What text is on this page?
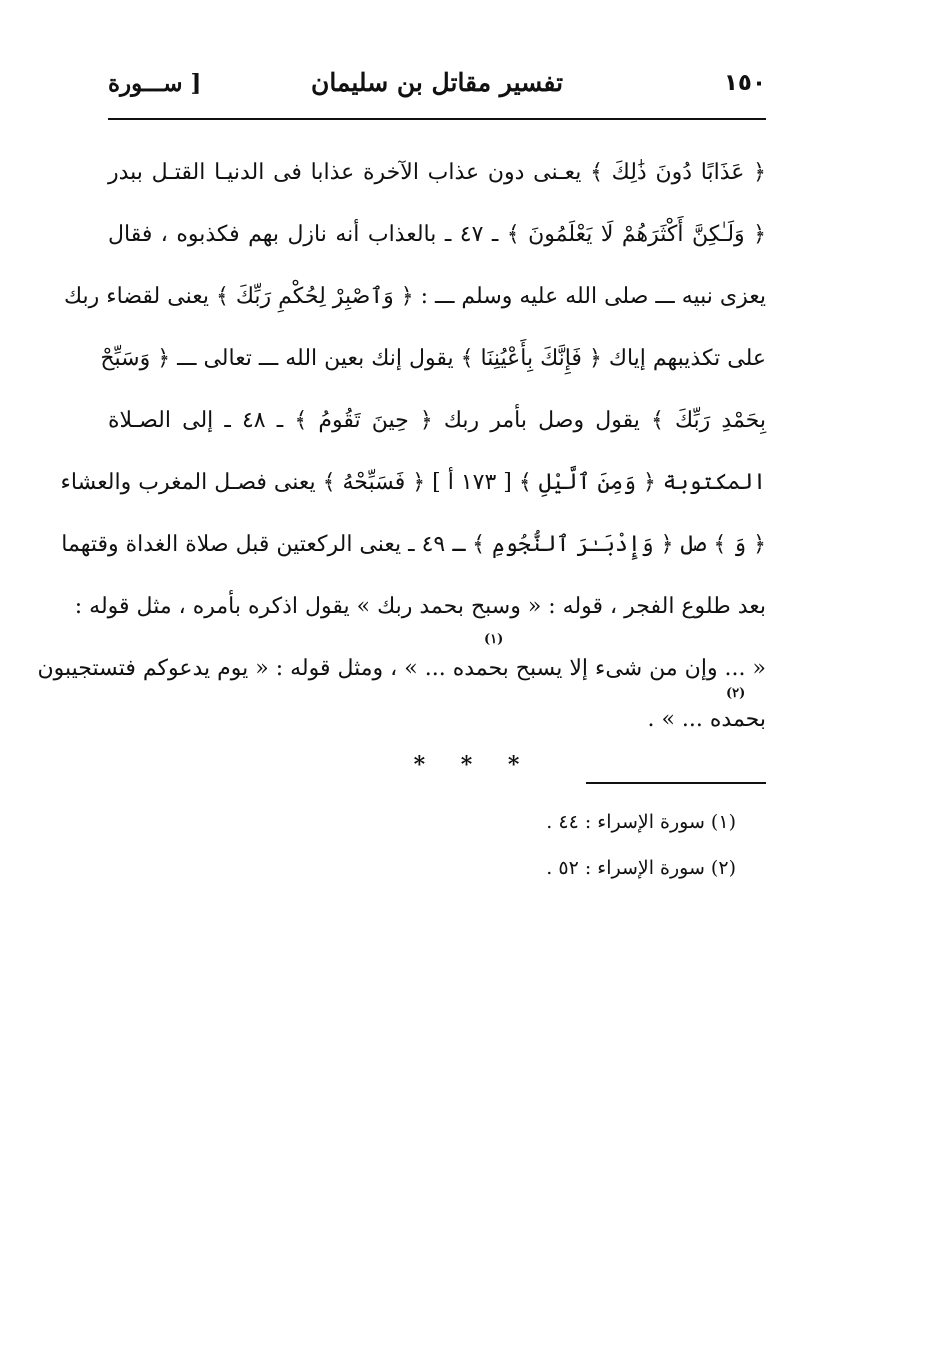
١٥٠
تفسير مقاتل بن سليمان
[ ســـورة
﴿ عَذَابًا دُونَ ذَٰلِكَ ﴾ يعـنى دون عذاب الآخرة عذابا فى الدنيـا القتـل ببدر
﴿ وَلَـٰكِنَّ أَكْثَرَهُمْ لَا يَعْلَمُونَ ﴾ ـ ٤٧ ـ بالعذاب أنه نازل بهم فكذبوه ، فقال
يعزى نبيه ـــ صلى الله عليه وسلم ـــ : ﴿ وَٱصْبِرْ لِحُكْمِ رَبِّكَ ﴾ يعنى لقضاء ربك
على تكذيبهم إياك ﴿ فَإِنَّكَ بِأَعْيُنِنَا ﴾ يقول إنك بعين الله ـــ تعالى ـــ ﴿ وَسَبِّحْ
بِحَمْدِ رَبِّكَ ﴾ يقول وصل بأمر ربك ﴿ حِينَ تَقُومُ ﴾ ـ ٤٨ ـ إلى الصـلاة
المكتوبة ﴿ وَمِنَ ٱلَّيْلِ ﴾ [ ١٧٣ أ ] ﴿ فَسَبِّحْهُ ﴾ يعنى فصـل المغرب والعشاء
﴿ وَ ﴾ صل ﴿ وَإِدْبَـٰرَ ٱلنُّجُومِ ﴾ ـ ٤٩ ـ يعنى الركعتين قبل صلاة الغداة وقتهما
بعد طلوع الفجر ، قوله : « وسبح بحمد ربك » يقول اذكره بأمره ، مثل قوله :
« ... وإن من شىء إلا يسبح بحمده ... » ، ومثل قوله : « يوم يدعوكم فتستجيبون
بحمده ... » .
(١)
(٢)
* * *
(١) سورة الإسراء : ٤٤ .
(٢) سورة الإسراء : ٥٢ .
